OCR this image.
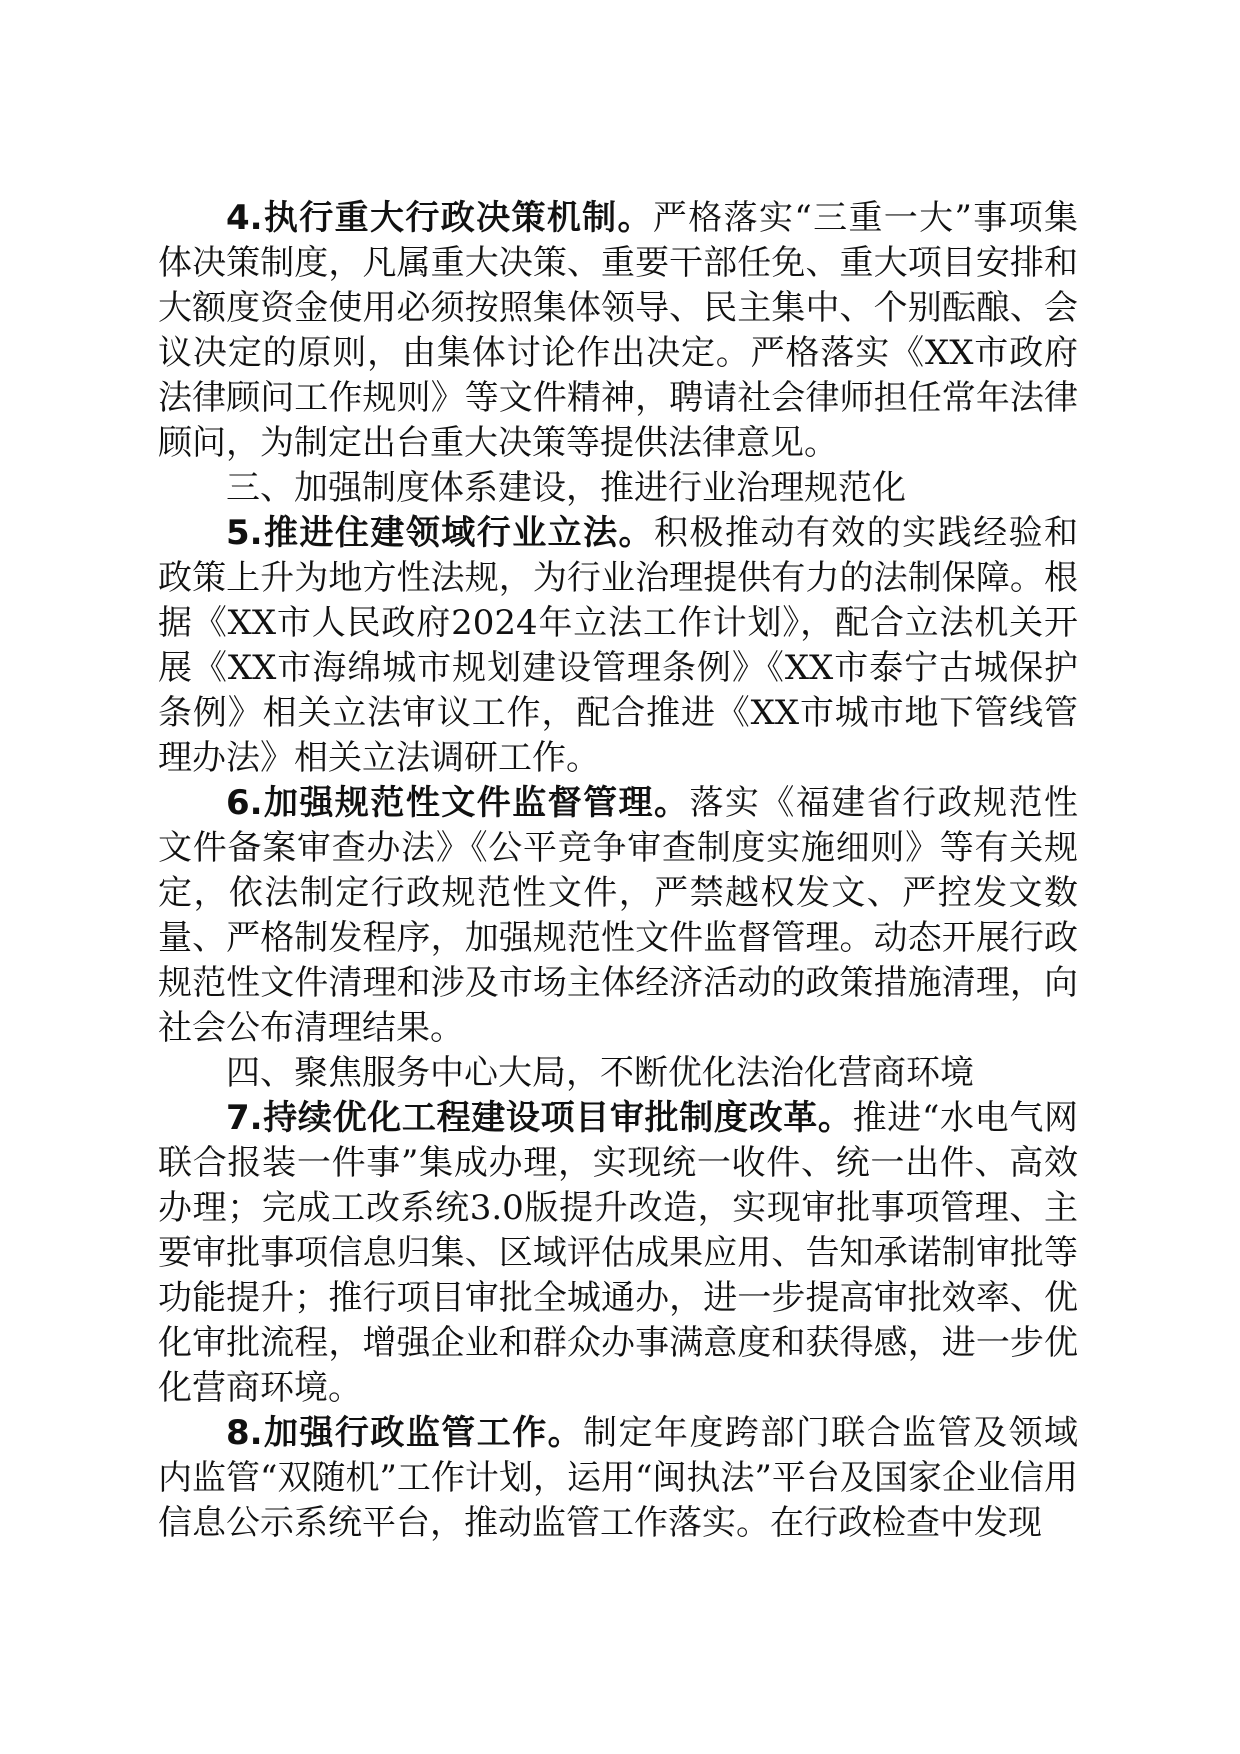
4.执行重大行政决策机制。严格落实“三重一大”事项集体决策制度，凡属重大决策、重要干部任免、重大项目安排和大额度资金使用必须按照集体领导、民主集中、个别酝酿、会议决定的原则，由集体讨论作出决定。严格落实《XX市政府法律顾问工作规则》等文件精神，聘请社会律师担任常年法律顾问，为制定出台重大决策等提供法律意见。

三、加强制度体系建设，推进行业治理规范化

5.推进住建领域行业立法。积极推动有效的实践经验和政策上升为地方性法规，为行业治理提供有力的法制保障。根据《XX市人民政府2024年立法工作计划》，配合立法机关开展《XX市海绵城市规划建设管理条例》《XX市泰宁古城保护条例》相关立法审议工作，配合推进《XX市城市地下管线管理办法》相关立法调研工作。

6.加强规范性文件监督管理。落实《福建省行政规范性文件备案审查办法》《公平竞争审查制度实施细则》等有关规定，依法制定行政规范性文件，严禁越权发文、严控发文数量、严格制发程序，加强规范性文件监督管理。动态开展行政规范性文件清理和涉及市场主体经济活动的政策措施清理，向社会公布清理结果。

四、聚焦服务中心大局，不断优化法治化营商环境

7.持续优化工程建设项目审批制度改革。推进“水电气网联合报装一件事”集成办理，实现统一收件、统一出件、高效办理；完成工改系统3.0版提升改造，实现审批事项管理、主要审批事项信息归集、区域评估成果应用、告知承诺制审批等功能提升；推行项目审批全城通办，进一步提高审批效率、优化审批流程，增强企业和群众办事满意度和获得感，进一步优化营商环境。

8.加强行政监管工作。制定年度跨部门联合监管及领域内监管“双随机”工作计划，运用“闽执法”平台及国家企业信用信息公示系统平台，推动监管工作落实。在行政检查中发现
